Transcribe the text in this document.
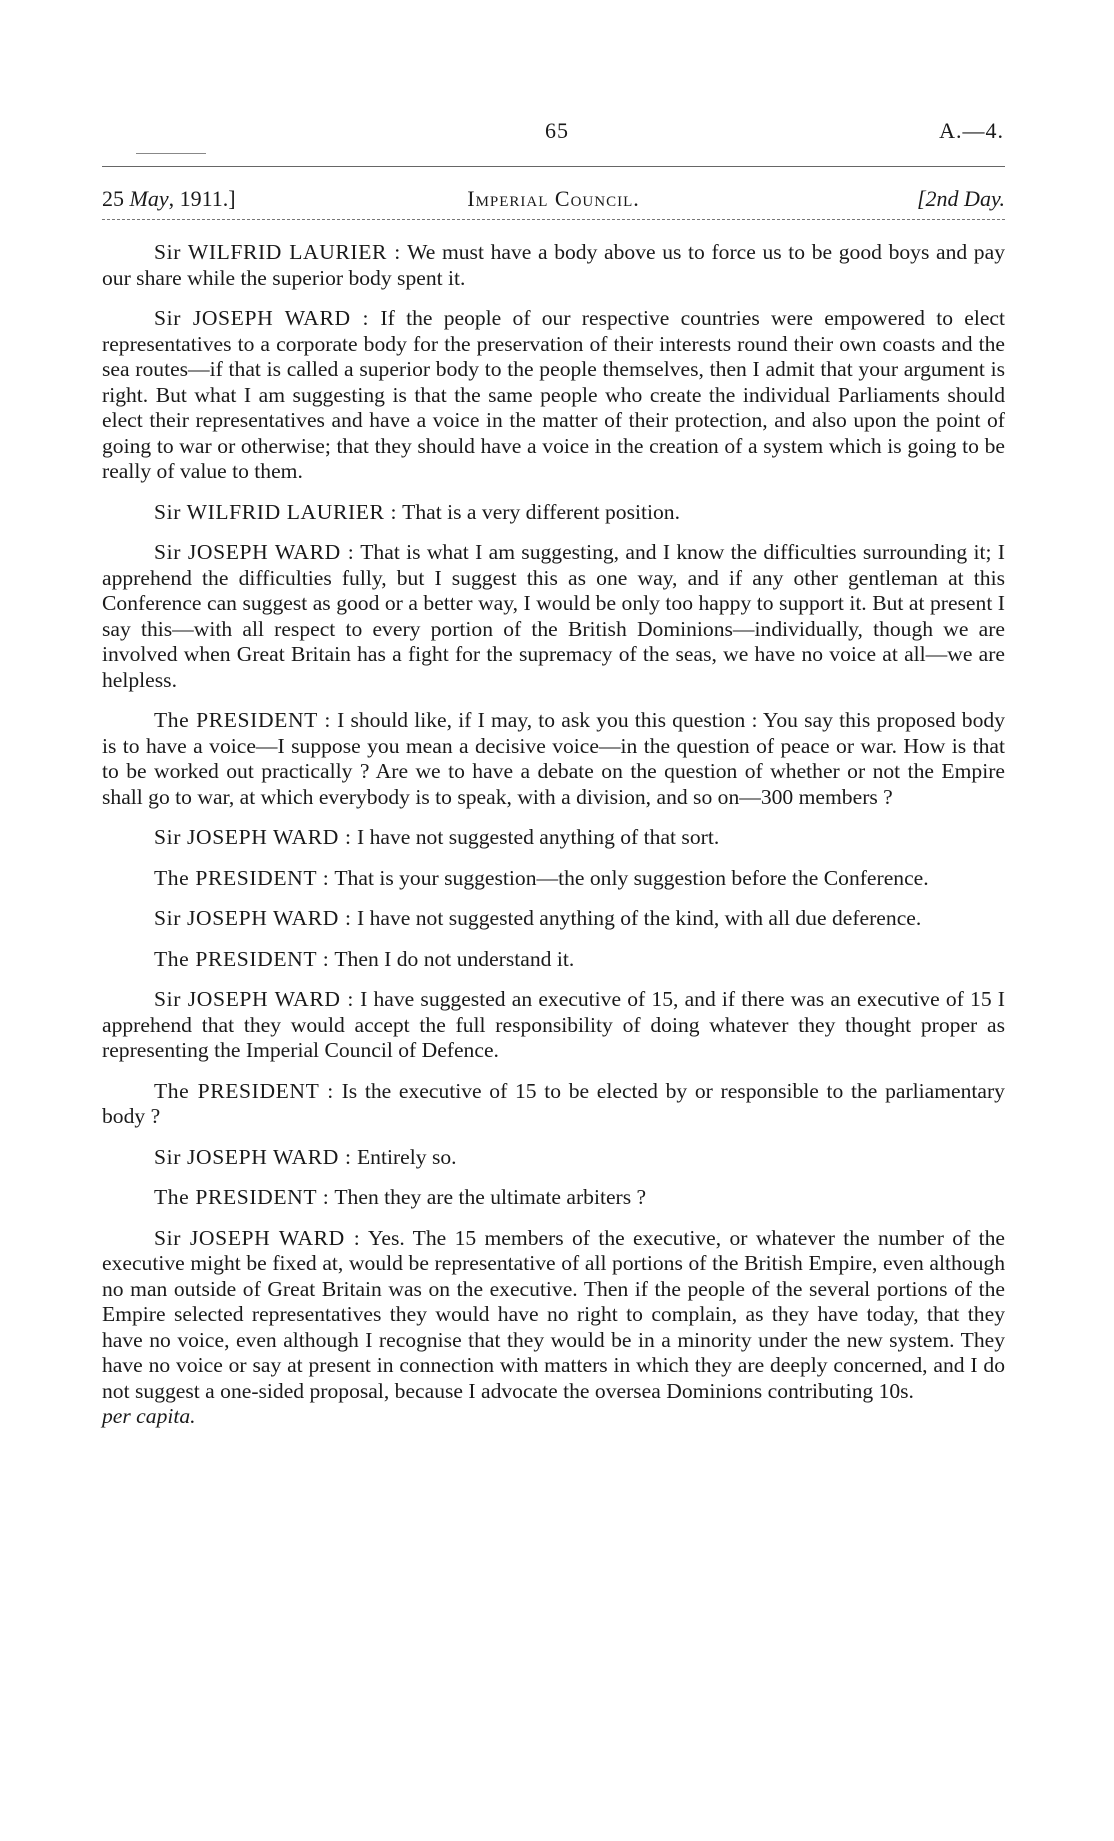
65	A.—4.
25 May, 1911.]	Imperial Council.	[2nd Day.

Sir WILFRID LAURIER : We must have a body above us to force us to be good boys and pay our share while the superior body spent it.

Sir JOSEPH WARD : If the people of our respective countries were empowered to elect representatives to a corporate body for the preservation of their interests round their own coasts and the sea routes—if that is called a superior body to the people themselves, then I admit that your argument is right. But what I am suggesting is that the same people who create the individual Parliaments should elect their representatives and have a voice in the matter of their protection, and also upon the point of going to war or otherwise; that they should have a voice in the creation of a system which is going to be really of value to them.

Sir WILFRID LAURIER : That is a very different position.

Sir JOSEPH WARD : That is what I am suggesting, and I know the difficulties surrounding it; I apprehend the difficulties fully, but I suggest this as one way, and if any other gentleman at this Conference can suggest as good or a better way, I would be only too happy to support it. But at present I say this—with all respect to every portion of the British Dominions—individually, though we are involved when Great Britain has a fight for the supremacy of the seas, we have no voice at all—we are helpless.

The PRESIDENT : I should like, if I may, to ask you this question : You say this proposed body is to have a voice—I suppose you mean a decisive voice—in the question of peace or war. How is that to be worked out practically ? Are we to have a debate on the question of whether or not the Empire shall go to war, at which everybody is to speak, with a division, and so on—300 members ?

Sir JOSEPH WARD : I have not suggested anything of that sort.

The PRESIDENT : That is your suggestion—the only suggestion before the Conference.

Sir JOSEPH WARD : I have not suggested anything of the kind, with all due deference.

The PRESIDENT : Then I do not understand it.

Sir JOSEPH WARD : I have suggested an executive of 15, and if there was an executive of 15 I apprehend that they would accept the full responsibility of doing whatever they thought proper as representing the Imperial Council of Defence.

The PRESIDENT : Is the executive of 15 to be elected by or responsible to the parliamentary body ?

Sir JOSEPH WARD : Entirely so.

The PRESIDENT : Then they are the ultimate arbiters ?

Sir JOSEPH WARD : Yes. The 15 members of the executive, or whatever the number of the executive might be fixed at, would be representative of all portions of the British Empire, even although no man outside of Great Britain was on the executive. Then if the people of the several portions of the Empire selected representatives they would have no right to complain, as they have today, that they have no voice, even although I recognise that they would be in a minority under the new system. They have no voice or say at present in connection with matters in which they are deeply concerned, and I do not suggest a one-sided proposal, because I advocate the oversea Dominions contributing 10s.
per capita.
